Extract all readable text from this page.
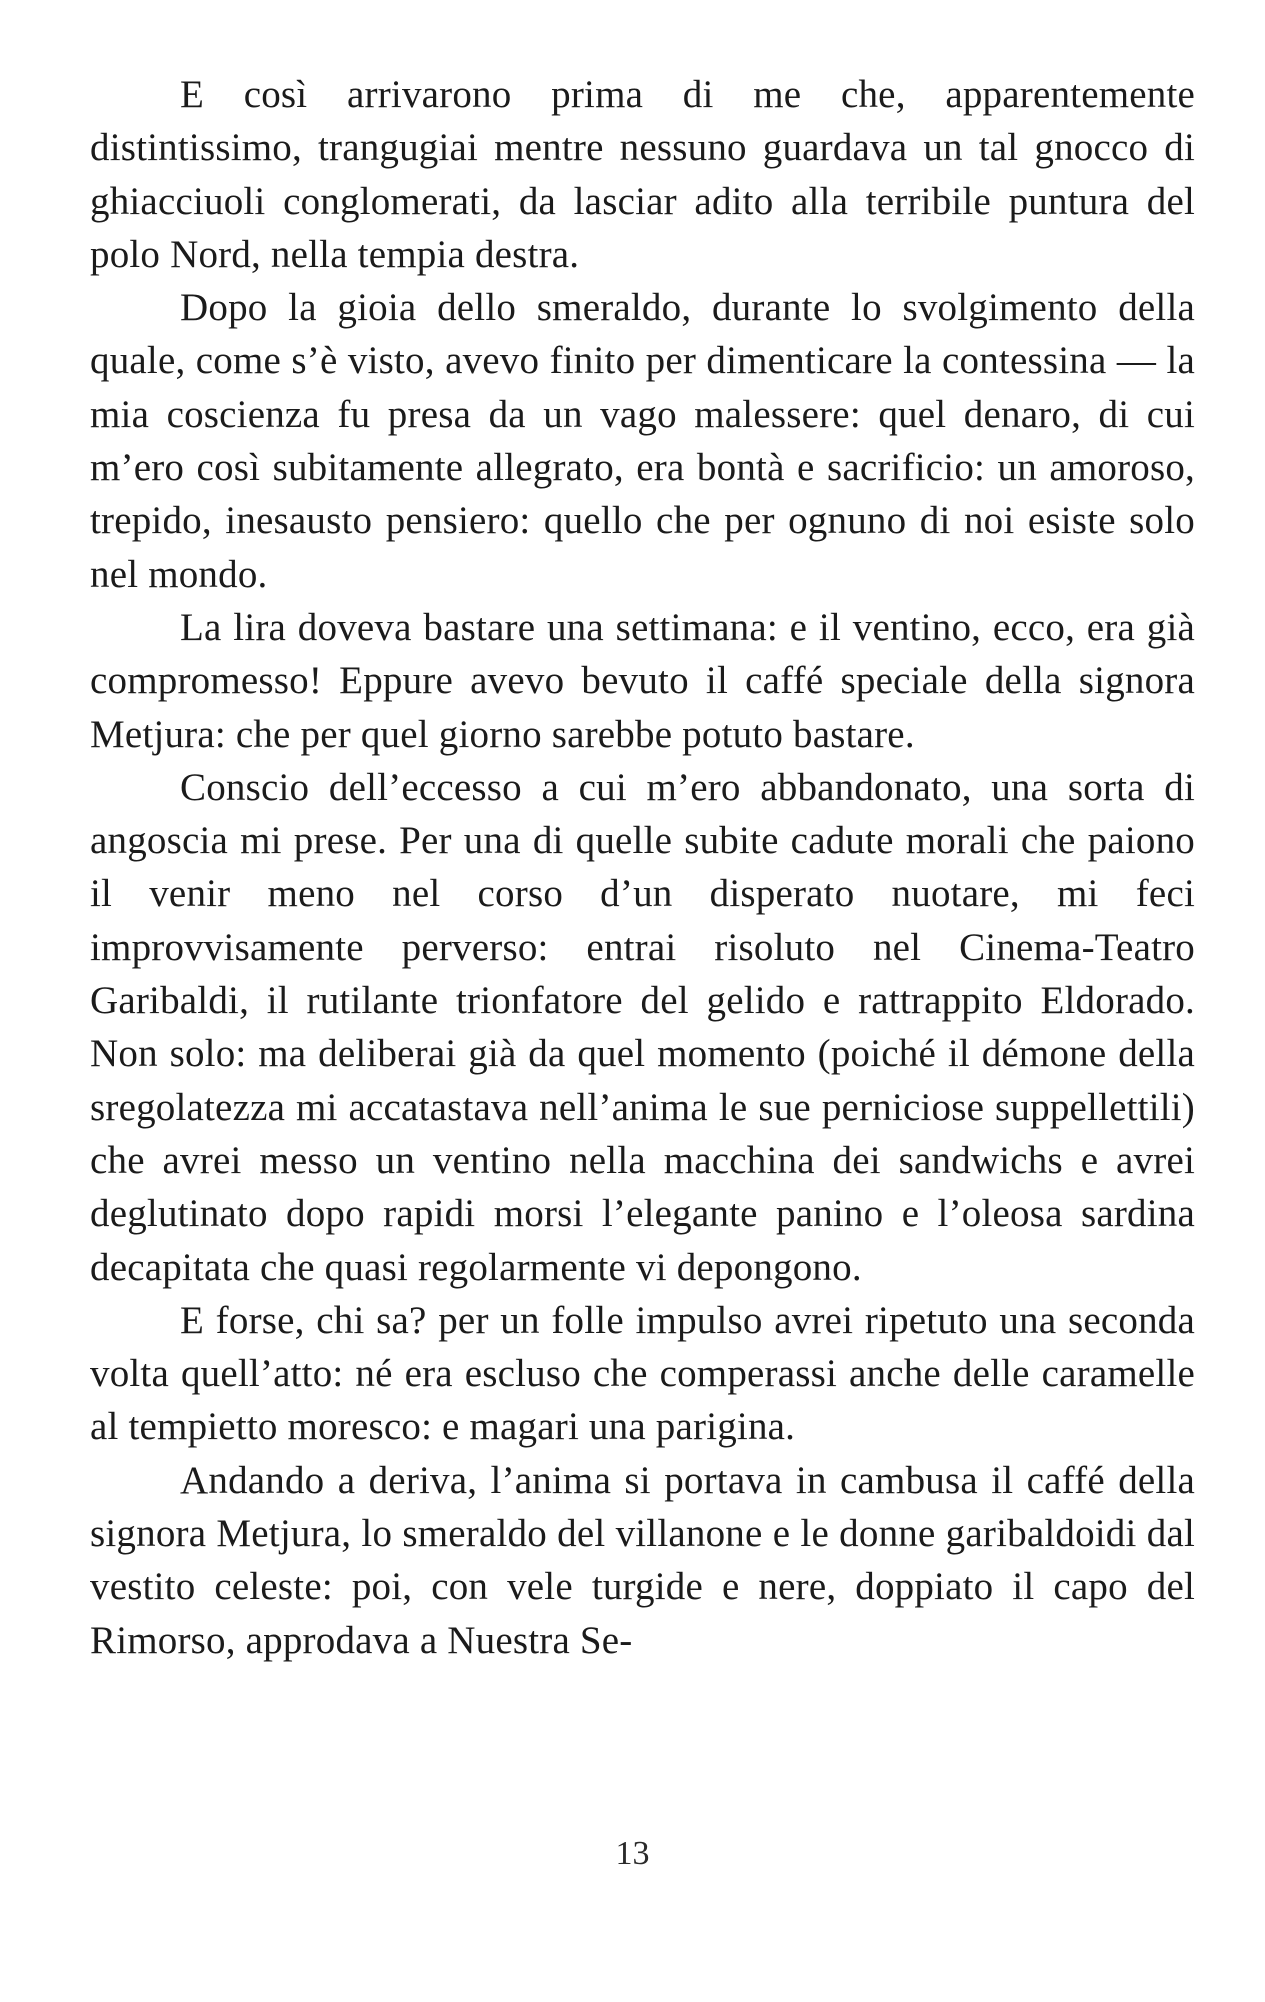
E così arrivarono prima di me che, apparentemente distintissimo, trangugiai mentre nessuno guardava un tal gnocco di ghiacciuoli conglomerati, da lasciar adito alla terribile puntura del polo Nord, nella tempia destra.

Dopo la gioia dello smeraldo, durante lo svolgimento della quale, come s’è visto, avevo finito per dimenticare la contessina — la mia coscienza fu presa da un vago malessere: quel denaro, di cui m’ero così subitamente allegrato, era bontà e sacrificio: un amoroso, trepido, inesausto pensiero: quello che per ognuno di noi esiste solo nel mondo.

La lira doveva bastare una settimana: e il ventino, ecco, era già compromesso! Eppure avevo bevuto il caffé speciale della signora Metjura: che per quel giorno sarebbe potuto bastare.

Conscio dell’eccesso a cui m’ero abbandonato, una sorta di angoscia mi prese. Per una di quelle subite cadute morali che paiono il venir meno nel corso d’un disperato nuotare, mi feci improvvisamente perverso: entrai risoluto nel Cinema-Teatro Garibaldi, il rutilante trionfatore del gelido e rattrappito Eldorado. Non solo: ma deliberai già da quel momento (poiché il démone della sregolatezza mi accatastava nell’anima le sue perniciose suppellettili) che avrei messo un ventino nella macchina dei sandwichs e avrei deglutinato dopo rapidi morsi l’elegante panino e l’oleosa sardina decapitata che quasi regolarmente vi depongono.

E forse, chi sa? per un folle impulso avrei ripetuto una seconda volta quell’atto: né era escluso che comperassi anche delle caramelle al tempietto moresco: e magari una parigina.

Andando a deriva, l’anima si portava in cambusa il caffé della signora Metjura, lo smeraldo del villanone e le donne garibaldoidi dal vestito celeste: poi, con vele turgide e nere, doppiato il capo del Rimorso, approdava a Nuestra Se-

13
